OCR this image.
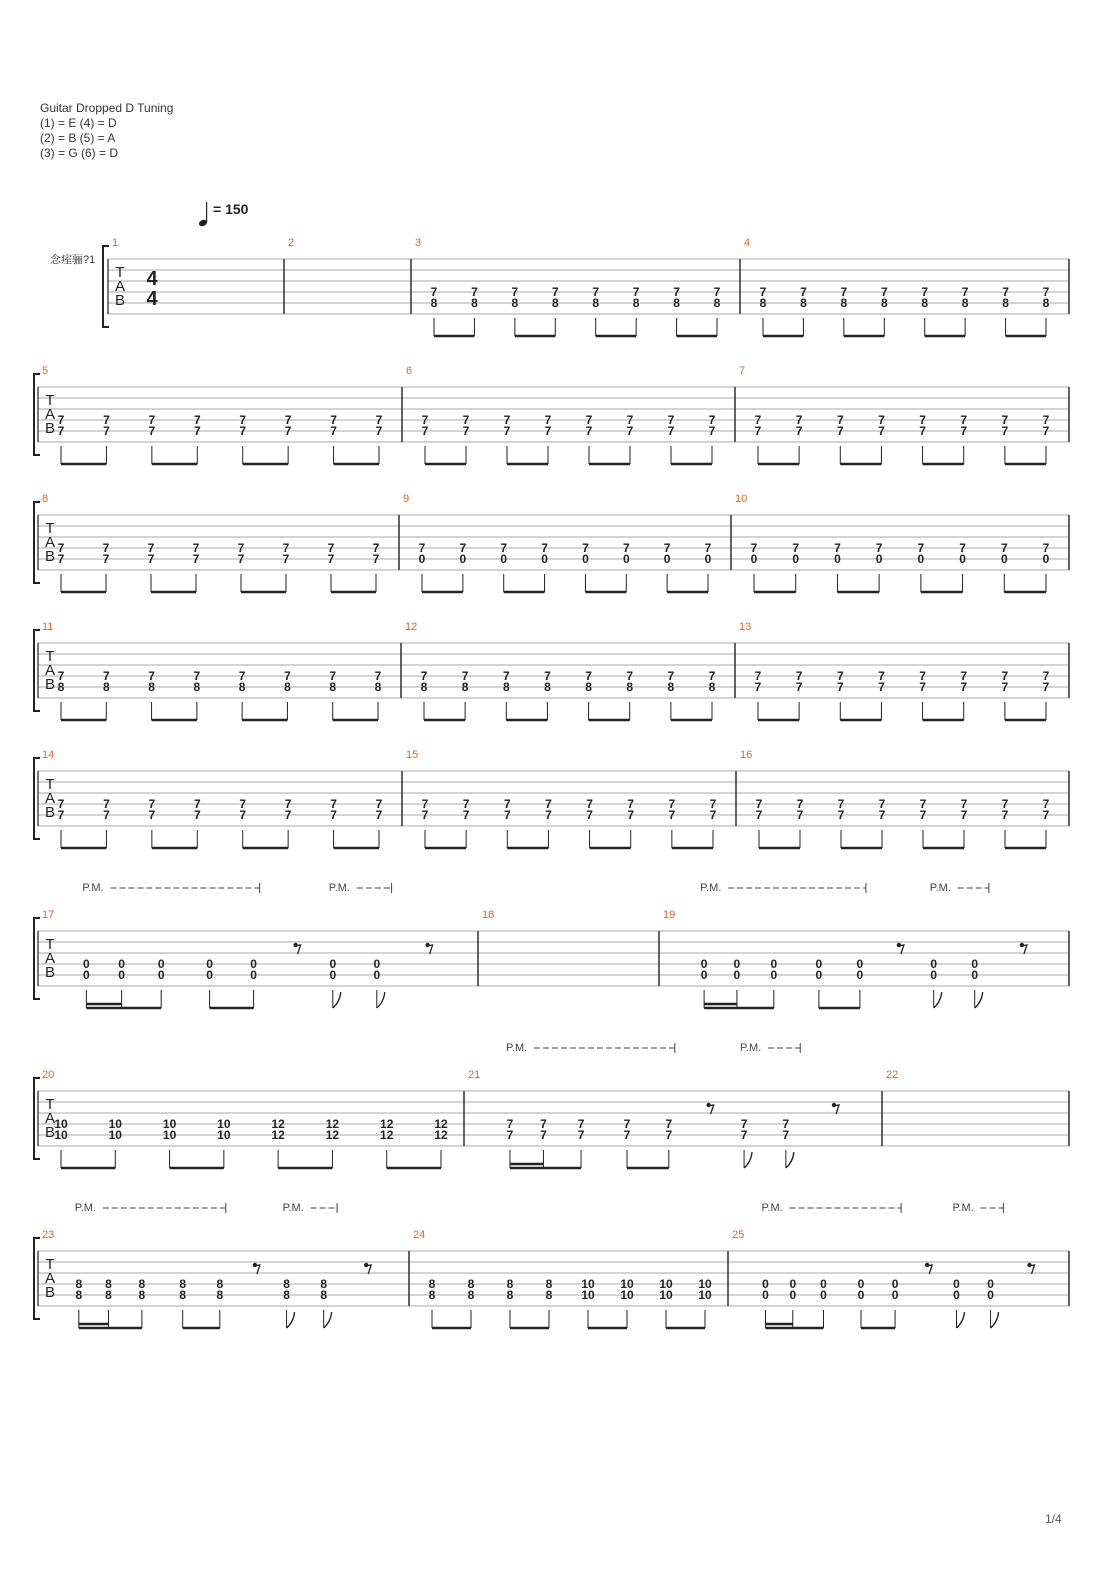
Guitar Dropped D Tuning
(1) = E (4) = D
(2) = B (5) = A
(3) = G (6) = D
= 150
念痓骊?1
1/4
T
A
B
4
4
1	2	3
7
8
7
8
7
8
7
8
7
8
7
8
7
8
7
8
4
7
8
7
8
7
8
7
8
7
8
7
8
7
8
7
8
T
A
B
5
7
7
7
7
7
7
7
7
7
7
7
7
7
7
7
7
6
7
7
7
7
7
7
7
7
7
7
7
7
7
7
7
7
7
7
7
7
7
7
7
7
7
7
7
7
7
7
7
7
7
T
A
B
8
7
7
7
7
7
7
7
7
7
7
7
7
7
7
7
7
9
7
0
7
0
7
0
7
0
7
0
7
0
7
0
7
0
10
7
0
7
0
7
0
7
0
7
0
7
0
7
0
7
0
T
A
B
11
7
8
7
8
7
8
7
8
7
8
7
8
7
8
7
8
12
7
8
7
8
7
8
7
8
7
8
7
8
7
8
7
8
13
7
7
7
7
7
7
7
7
7
7
7
7
7
7
7
7
T
A
B
14
7
7
7
7
7
7
7
7
7
7
7
7
7
7
7
7
15
7
7
7
7
7
7
7
7
7
7
7
7
7
7
7
7
16
7
7
7
7
7
7
7
7
7
7
7
7
7
7
7
7
T
A
B
17
0
0
0
0
0
0
0
0
0
0
0
0
0
0
P.M.	P.M.
18	19
0
0
0
0
0
0
0
0
0
0
0
0
0
0
P.M.	P.M.
T
A
B
20
10
10
10
10
10
10
10
10
12
12
12
12
12
12
12
12
21
7
7
7
7
7
7
7
7
7
7
7
7
7
7
P.M.	P.M.
22
T
A
B
23
8
8
8
8
8
8
8
8
8
8
8
8
8
8
P.M.	P.M.
24
8
8
8
8
8
8
8
8
10
10
10
10
10
10
10
10
25
0
0
0
0
0
0
0
0
0
0
0
0
0
0
P.M.	P.M.
